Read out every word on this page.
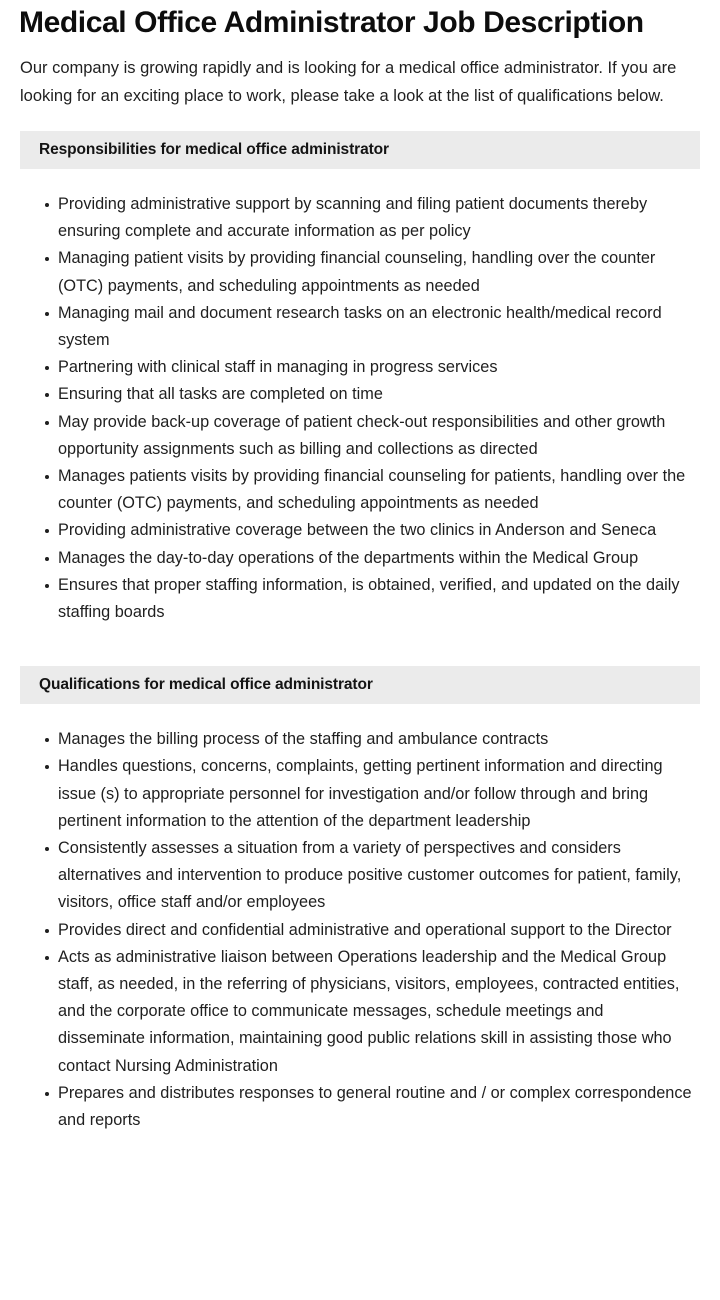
Medical Office Administrator Job Description

Our company is growing rapidly and is looking for a medical office administrator. If you are looking for an exciting place to work, please take a look at the list of qualifications below.

Responsibilities for medical office administrator
Providing administrative support by scanning and filing patient documents thereby ensuring complete and accurate information as per policy
Managing patient visits by providing financial counseling, handling over the counter (OTC) payments, and scheduling appointments as needed
Managing mail and document research tasks on an electronic health/medical record system
Partnering with clinical staff in managing in progress services
Ensuring that all tasks are completed on time
May provide back-up coverage of patient check-out responsibilities and other growth opportunity assignments such as billing and collections as directed
Manages patients visits by providing financial counseling for patients, handling over the counter (OTC) payments, and scheduling appointments as needed
Providing administrative coverage between the two clinics in Anderson and Seneca
Manages the day-to-day operations of the departments within the Medical Group
Ensures that proper staffing information, is obtained, verified, and updated on the daily staffing boards
Qualifications for medical office administrator
Manages the billing process of the staffing and ambulance contracts
Handles questions, concerns, complaints, getting pertinent information and directing issue (s) to appropriate personnel for investigation and/or follow through and bring pertinent information to the attention of the department leadership
Consistently assesses a situation from a variety of perspectives and considers alternatives and intervention to produce positive customer outcomes for patient, family, visitors, office staff and/or employees
Provides direct and confidential administrative and operational support to the Director
Acts as administrative liaison between Operations leadership and the Medical Group staff, as needed, in the referring of physicians, visitors, employees, contracted entities, and the corporate office to communicate messages, schedule meetings and disseminate information, maintaining good public relations skill in assisting those who contact Nursing Administration
Prepares and distributes responses to general routine and / or complex correspondence and reports
